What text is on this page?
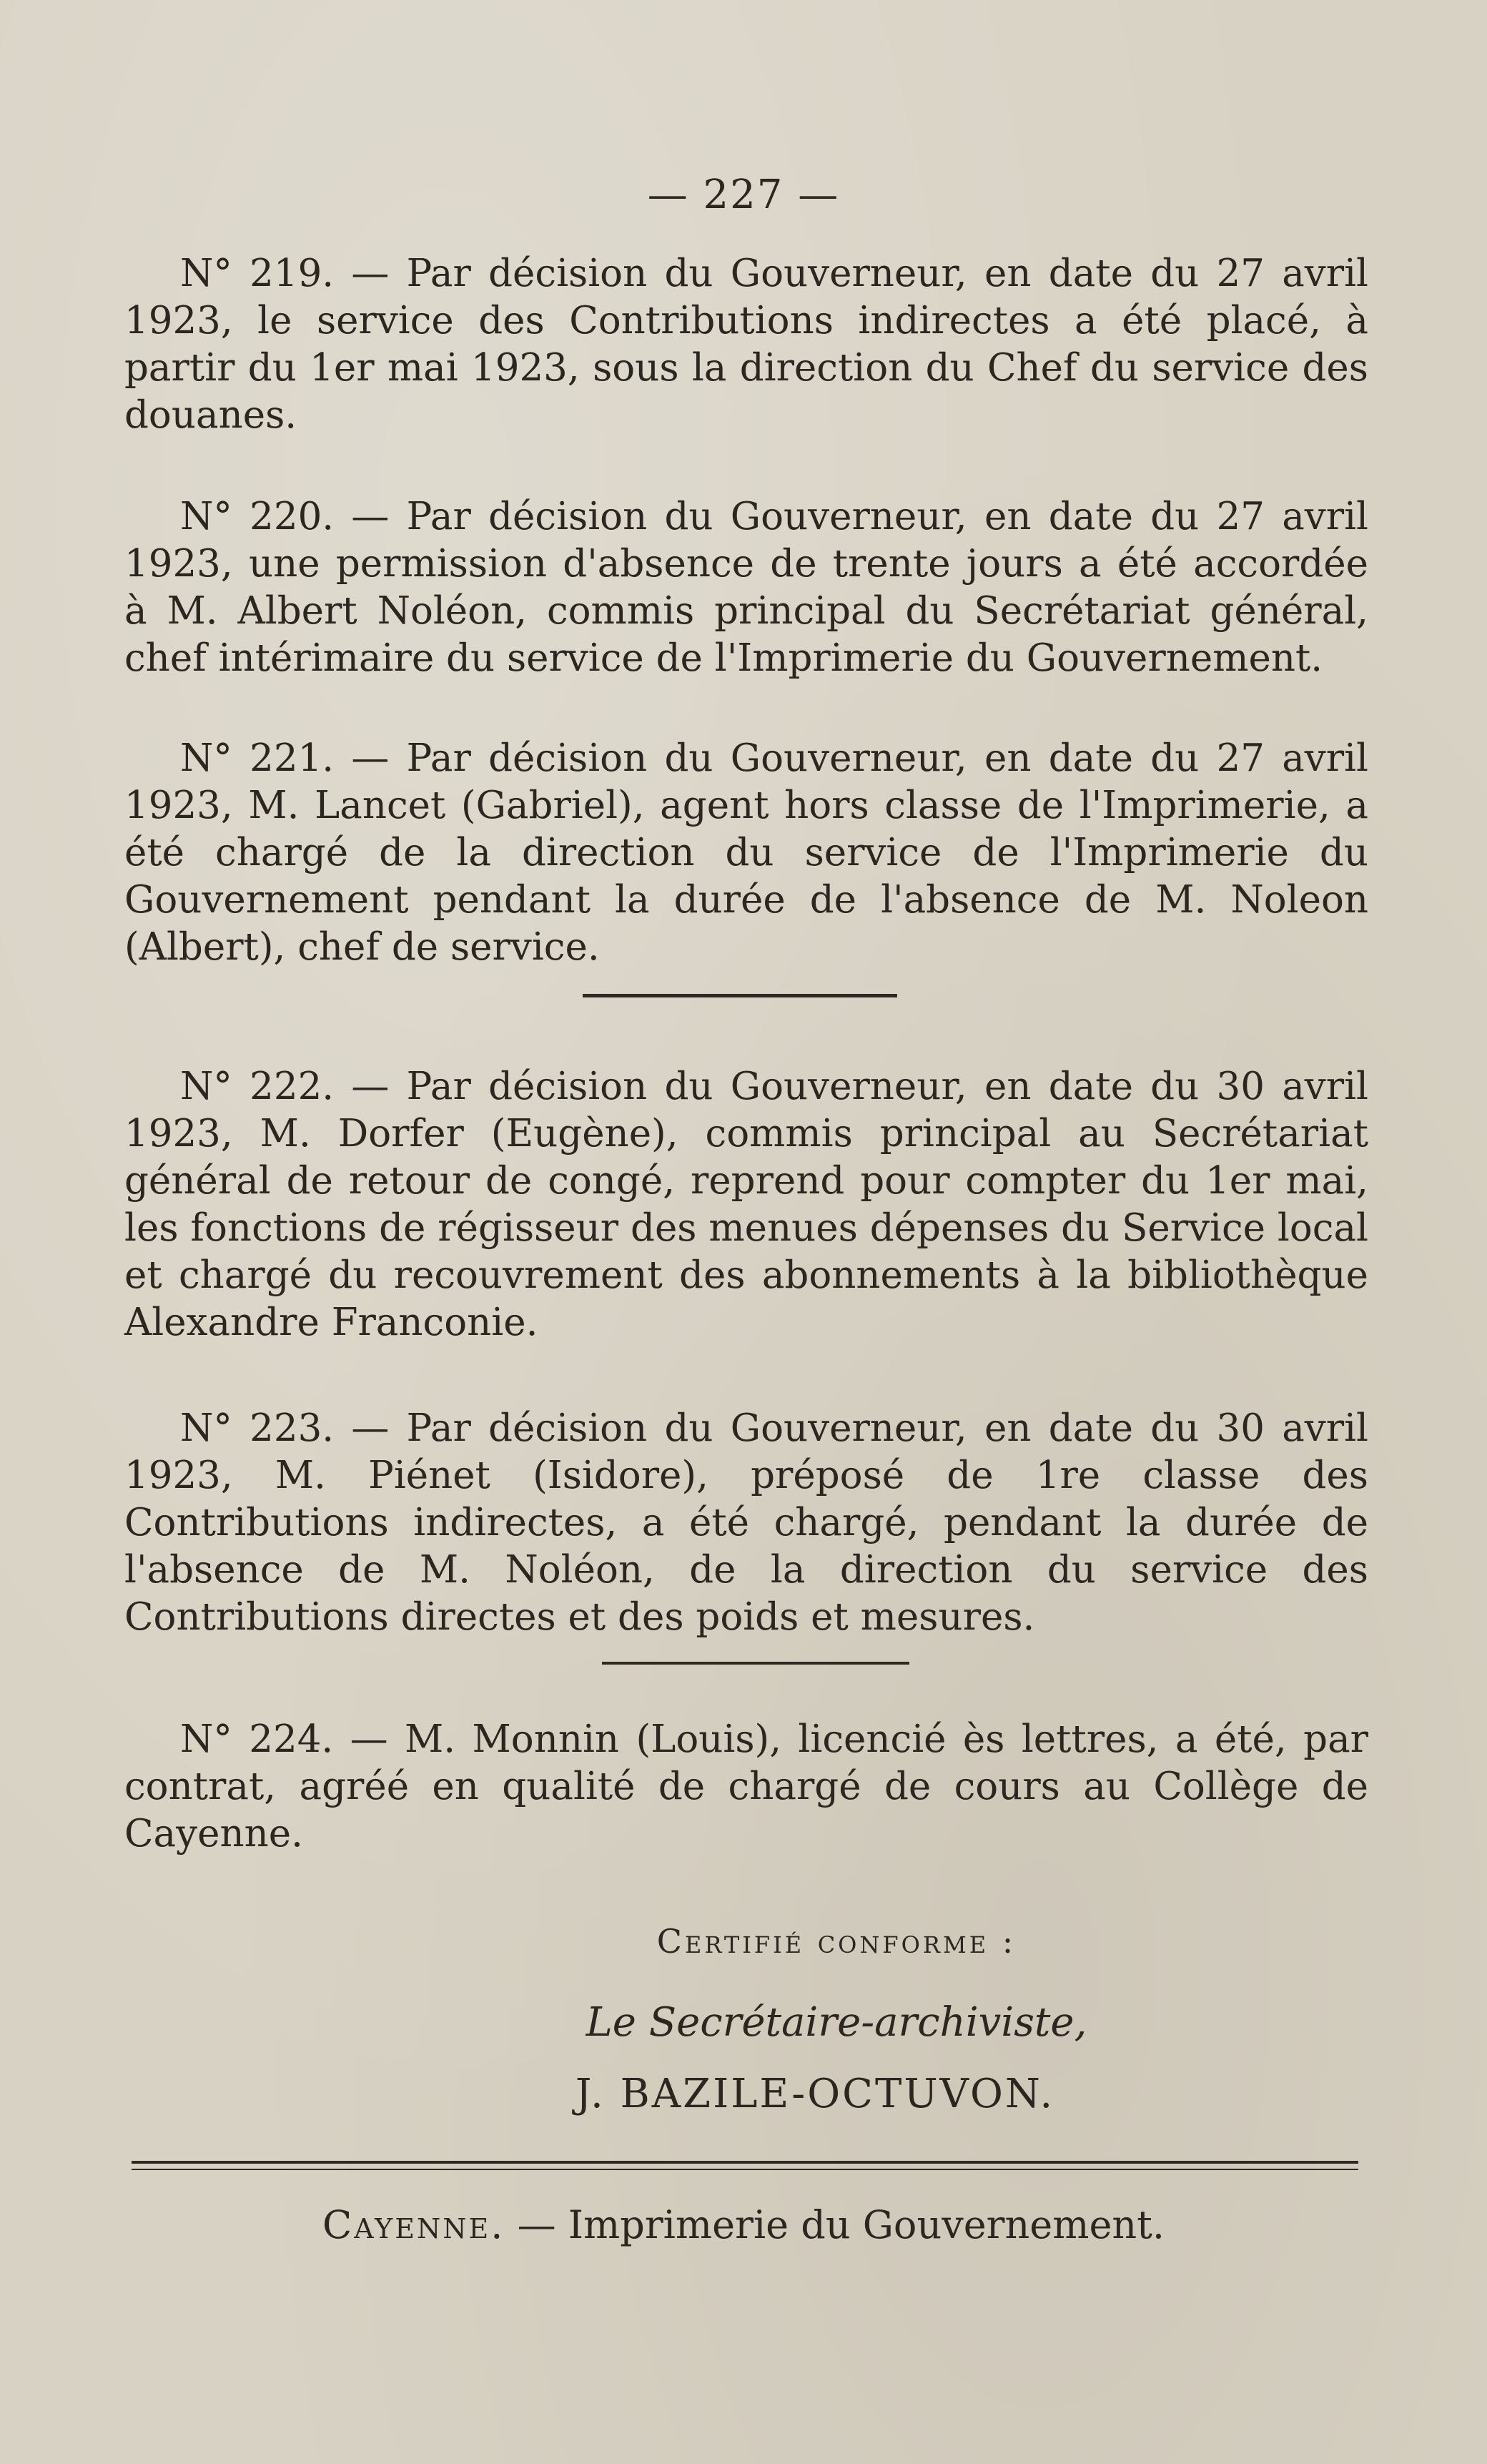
— 227 —

N° 219. — Par décision du Gouverneur, en date du 27 avril 1923, le service des Contributions indirectes a été placé, à partir du 1er mai 1923, sous la direction du Chef du service des douanes.

N° 220. — Par décision du Gouverneur, en date du 27 avril 1923, une permission d'absence de trente jours a été accordée à M. Albert Noléon, commis principal du Secrétariat général, chef intérimaire du service de l'Imprimerie du Gouvernement.

N° 221. — Par décision du Gouverneur, en date du 27 avril 1923, M. Lancet (Gabriel), agent hors classe de l'Imprimerie, a été chargé de la direction du service de l'Imprimerie du Gouvernement pendant la durée de l'absence de M. Noleon (Albert), chef de service.

N° 222. — Par décision du Gouverneur, en date du 30 avril 1923, M. Dorfer (Eugène), commis principal au Secrétariat général de retour de congé, reprend pour compter du 1er mai, les fonctions de régisseur des menues dépenses du Service local et chargé du recouvrement des abonnements à la bibliothèque Alexandre Franconie.

N° 223. — Par décision du Gouverneur, en date du 30 avril 1923, M. Piénet (Isidore), préposé de 1re classe des Contributions indirectes, a été chargé, pendant la durée de l'absence de M. Noléon, de la direction du service des Contributions directes et des poids et mesures.

N° 224. — M. Monnin (Louis), licencié ès lettres, a été, par contrat, agréé en qualité de chargé de cours au Collège de Cayenne.

Certifié conforme :
Le Secrétaire-archiviste,
J. BAZILE-OCTUVON.
Cayenne. — Imprimerie du Gouvernement.
